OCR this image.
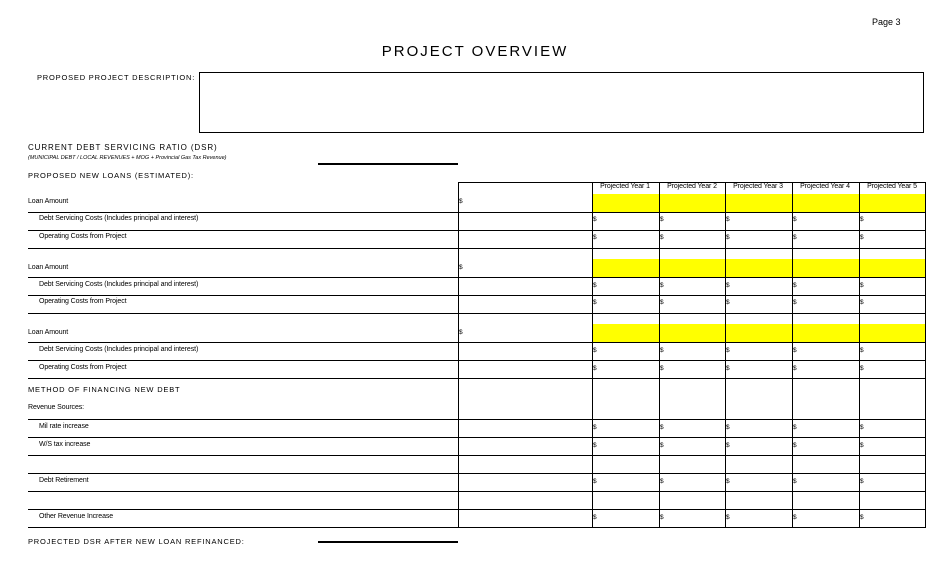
Page 3
PROJECT OVERVIEW
PROPOSED PROJECT DESCRIPTION:
CURRENT DEBT SERVICING RATIO (DSR)
(MUNICIPAL DEBT / LOCAL REVENUES + MOG + Provincial Gas Tax Revenue)
PROPOSED NEW LOANS (ESTIMATED):
Projected Year 1	Projected Year 2	Projected Year 3	Projected Year 4	Projected Year 5
Loan Amount	$
Debt Servicing Costs (Includes principal and interest)	$	$	$	$	$
Operating Costs from Project	$	$	$	$	$
Loan Amount	$
Debt Servicing Costs (Includes principal and interest)	$	$	$	$	$
Operating Costs from Project	$	$	$	$	$
Loan Amount	$
Debt Servicing Costs (Includes principal and interest)	$	$	$	$	$
Operating Costs from Project	$	$	$	$	$
METHOD OF FINANCING NEW DEBT
Revenue Sources:
Mil rate increase	$	$	$	$	$
W/S tax increase	$	$	$	$	$
Debt Retirement	$	$	$	$	$
Other Revenue Increase	$	$	$	$	$
PROJECTED DSR AFTER NEW LOAN REFINANCED:
